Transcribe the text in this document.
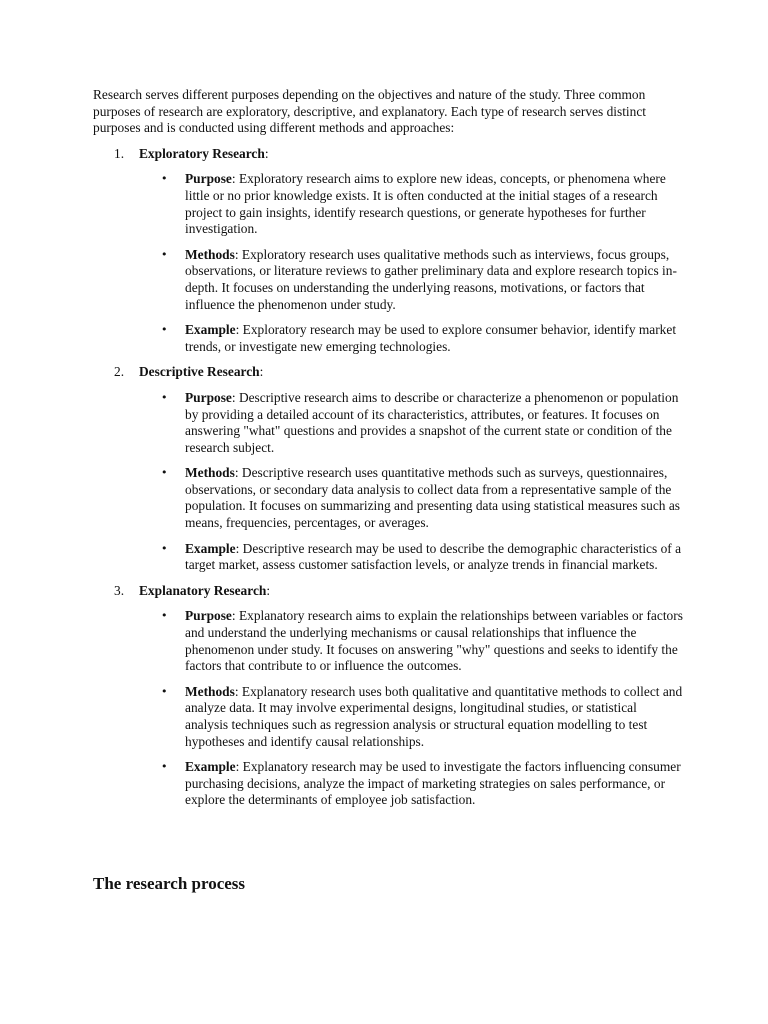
Research serves different purposes depending on the objectives and nature of the study. Three common purposes of research are exploratory, descriptive, and explanatory. Each type of research serves distinct purposes and is conducted using different methods and approaches:

1. Exploratory Research:
• Purpose: Exploratory research aims to explore new ideas, concepts, or phenomena where little or no prior knowledge exists. It is often conducted at the initial stages of a research project to gain insights, identify research questions, or generate hypotheses for further investigation.
• Methods: Exploratory research uses qualitative methods such as interviews, focus groups, observations, or literature reviews to gather preliminary data and explore research topics in-depth. It focuses on understanding the underlying reasons, motivations, or factors that influence the phenomenon under study.
• Example: Exploratory research may be used to explore consumer behavior, identify market trends, or investigate new emerging technologies.
2. Descriptive Research:
• Purpose: Descriptive research aims to describe or characterize a phenomenon or population by providing a detailed account of its characteristics, attributes, or features. It focuses on answering "what" questions and provides a snapshot of the current state or condition of the research subject.
• Methods: Descriptive research uses quantitative methods such as surveys, questionnaires, observations, or secondary data analysis to collect data from a representative sample of the population. It focuses on summarizing and presenting data using statistical measures such as means, frequencies, percentages, or averages.
• Example: Descriptive research may be used to describe the demographic characteristics of a target market, assess customer satisfaction levels, or analyze trends in financial markets.
3. Explanatory Research:
• Purpose: Explanatory research aims to explain the relationships between variables or factors and understand the underlying mechanisms or causal relationships that influence the phenomenon under study. It focuses on answering "why" questions and seeks to identify the factors that contribute to or influence the outcomes.
• Methods: Explanatory research uses both qualitative and quantitative methods to collect and analyze data. It may involve experimental designs, longitudinal studies, or statistical analysis techniques such as regression analysis or structural equation modelling to test hypotheses and identify causal relationships.
• Example: Explanatory research may be used to investigate the factors influencing consumer purchasing decisions, analyze the impact of marketing strategies on sales performance, or explore the determinants of employee job satisfaction.
The research process
